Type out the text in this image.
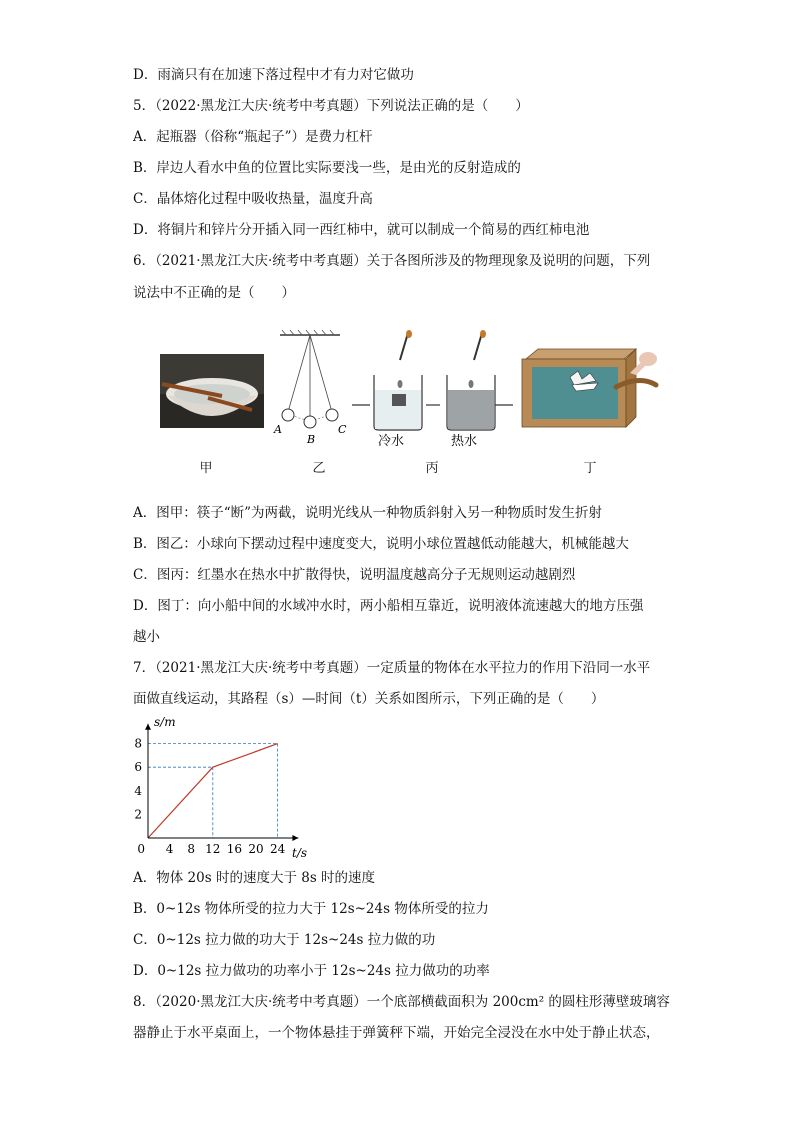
D．雨滴只有在加速下落过程中才有力对它做功
5．（2022·黑龙江大庆·统考中考真题）下列说法正确的是（　　）
A．起瓶器（俗称“瓶起子”）是费力杠杆
B．岸边人看水中鱼的位置比实际要浅一些，是由光的反射造成的
C．晶体熔化过程中吸收热量，温度升高
D．将铜片和锌片分开插入同一西红柿中，就可以制成一个简易的西红柿电池
6．（2021·黑龙江大庆·统考中考真题）关于各图所涉及的物理现象及说明的问题，下列
说法中不正确的是（　　）
A
B
C
冷水	热水
甲	乙	丙	丁
A．图甲：筷子“断”为两截，说明光线从一种物质斜射入另一种物质时发生折射
B．图乙：小球向下摆动过程中速度变大，说明小球位置越低动能越大，机械能越大
C．图丙：红墨水在热水中扩散得快，说明温度越高分子无规则运动越剧烈
D．图丁：向小船中间的水域冲水时，两小船相互靠近，说明液体流速越大的地方压强
越小
7．（2021·黑龙江大庆·统考中考真题）一定质量的物体在水平拉力的作用下沿同一水平
面做直线运动，其路程（s）—时间（t）关系如图所示，下列正确的是（　　）
0 4 8 12 16 20 24
2
4
6
8
s/m
t/s
A．物体 20s 时的速度大于 8s 时的速度
B．0~12s 物体所受的拉力大于 12s~24s 物体所受的拉力
C．0~12s 拉力做的功大于 12s~24s 拉力做的功
D．0~12s 拉力做功的功率小于 12s~24s 拉力做功的功率
8．（2020·黑龙江大庆·统考中考真题）一个底部横截面积为 200cm² 的圆柱形薄壁玻璃容
器静止于水平桌面上，一个物体悬挂于弹簧秤下端，开始完全浸没在水中处于静止状态，
